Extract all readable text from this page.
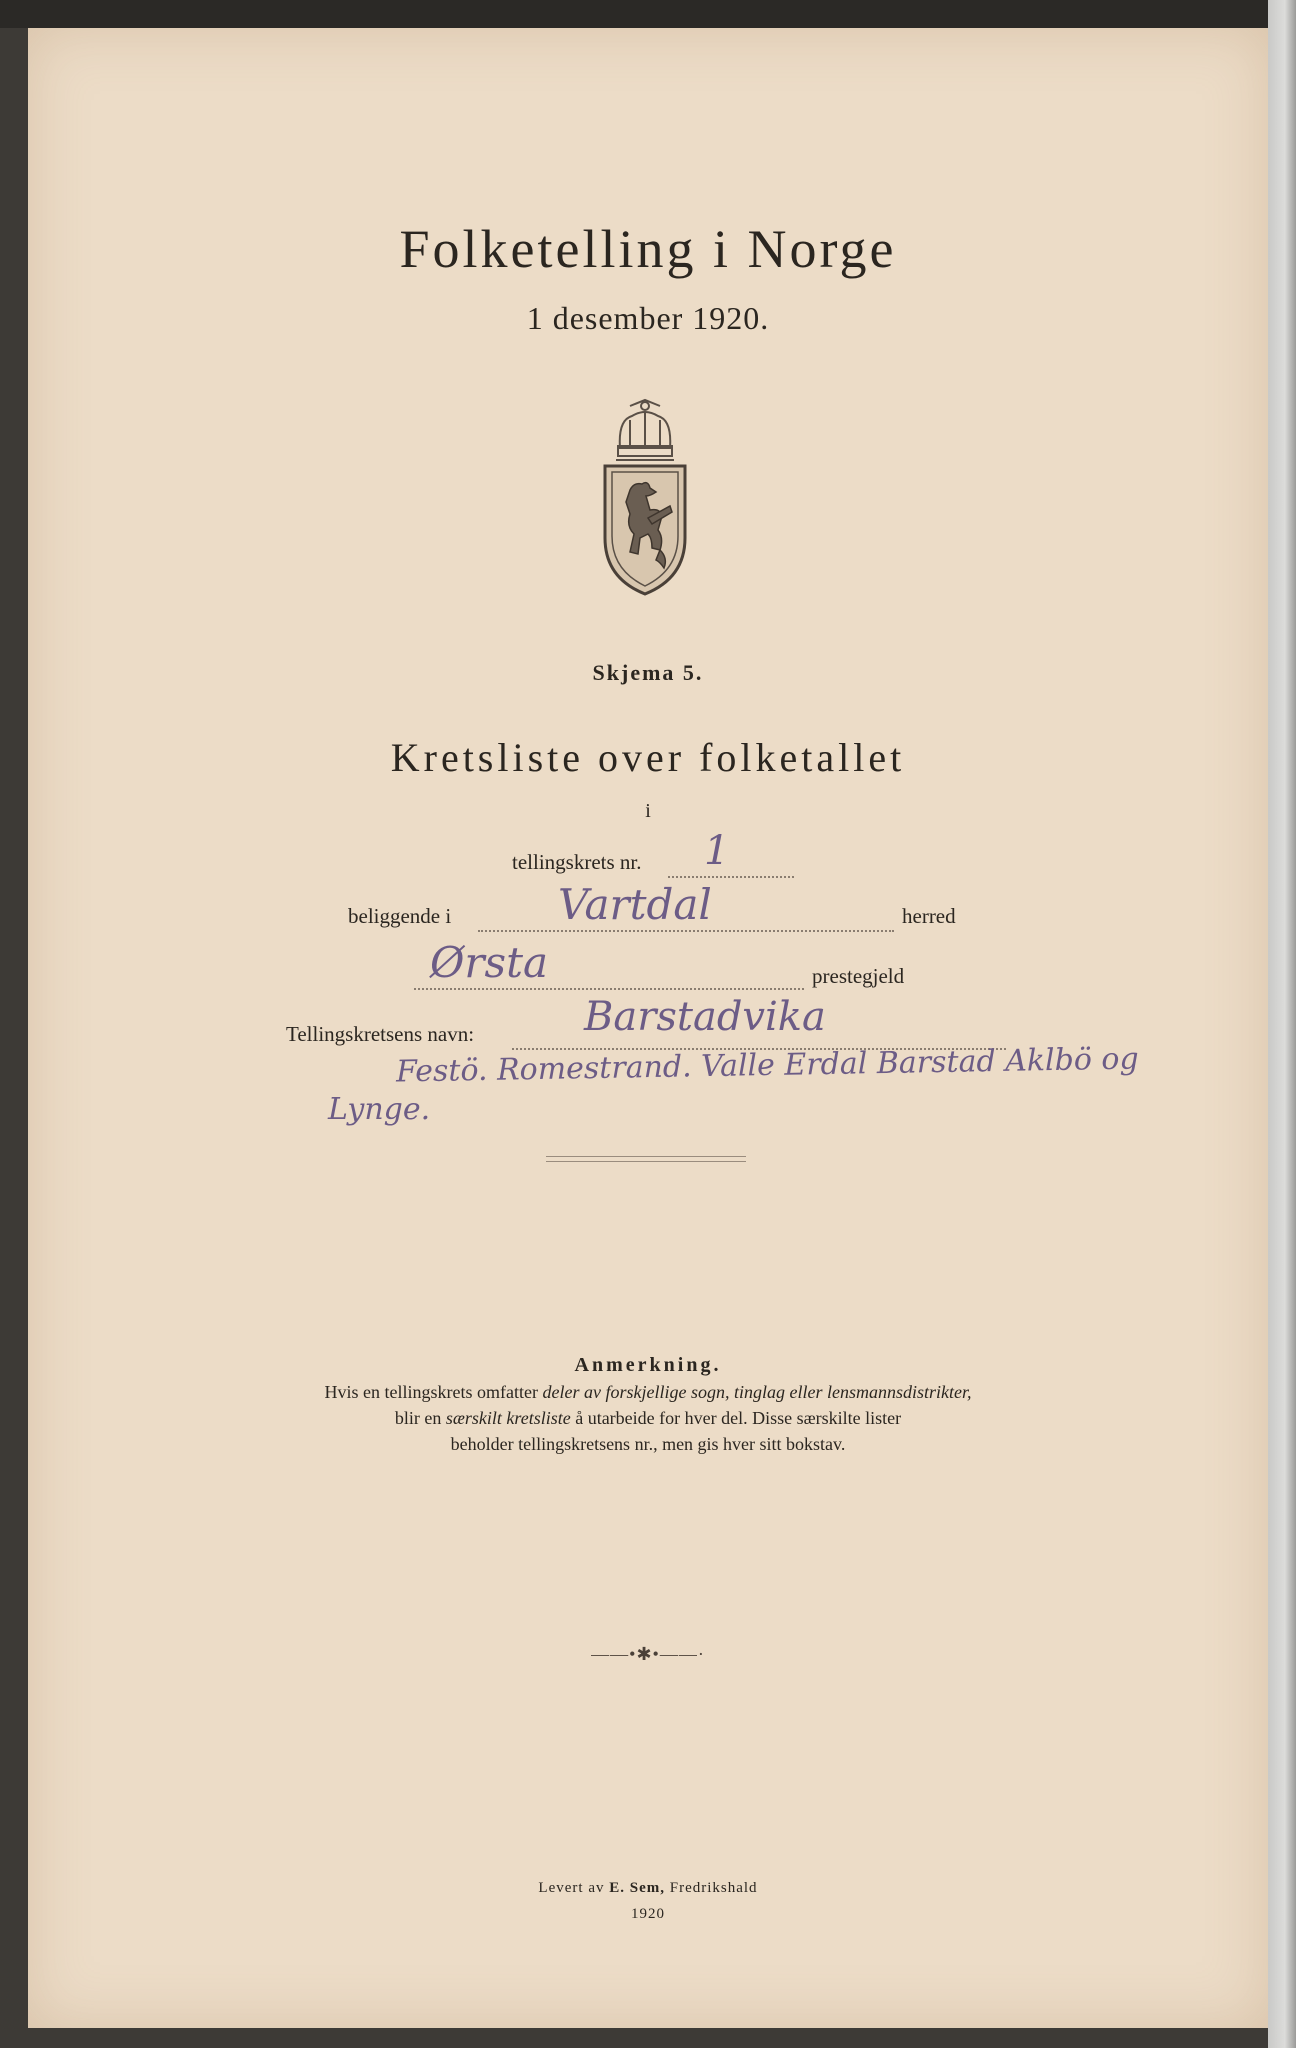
Folketelling i Norge
1 desember 1920.
Skjema 5.
Kretsliste over folketallet
i
tellingskrets nr. 1
beliggende i	Vartdal	herred
Ørsta	prestegjeld
Tellingskretsens navn:	Barstadvika
Festö. Romestrand. Valle Erdal Barstad Aklbö og
Lynge.
Anmerkning.
Hvis en tellingskrets omfatter deler av forskjellige sogn, tinglag eller lensmannsdistrikter,
blir en særskilt kretsliste å utarbeide for hver del. Disse særskilte lister
beholder tellingskretsens nr., men gis hver sitt bokstav.
——•✱•——·
Levert av E. Sem, Fredrikshald
1920
